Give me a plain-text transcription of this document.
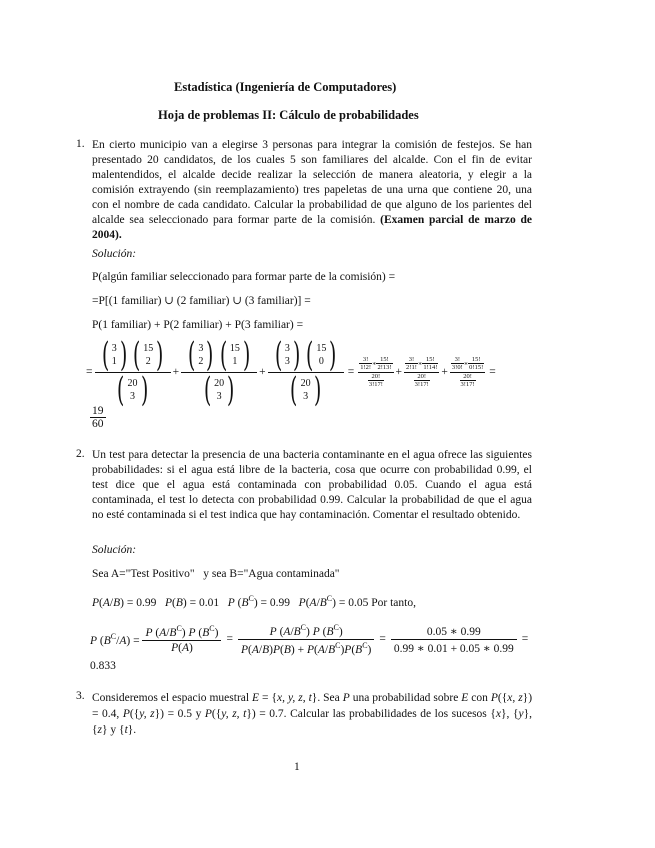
Estadística (Ingeniería de Computadores)
Hoja de problemas II: Cálculo de probabilidades
1. En cierto municipio van a elegirse 3 personas para integrar la comisión de festejos. Se han presentado 20 candidatos, de los cuales 5 son familiares del alcalde. Con el fin de evitar malentendidos, el alcalde decide realizar la selección de manera aleatoria, y elegir a la comisión extrayendo (sin reemplazamiento) tres papeletas de una urna que contiene 20, una con el nombre de cada candidato. Calcular la probabilidad de que alguno de los parientes del alcalde sea seleccionado para formar parte de la comisión. (Examen parcial de marzo de 2004).
Solución:
P(algún familiar seleccionado para formar parte de la comisión) =
=P[(1 familiar) ∪ (2 familiar) ∪ (3 familiar)] =
P(1 familiar) + P(2 familiar) + P(3 familiar) =
= ( 3
1 ) ( 15
2 )
( 20
3 ) + ( 3
2 ) ( 15
1 )
( 20
3 ) + ( 3
3 ) ( 15
0 )
( 20
3 ) = $\frac{\frac{3!}{1!2!} ∗ \frac{15!}{2!13!}}{\frac{20!}{3!17!}} + \frac{\frac{3!}{2!1!} ∗ \frac{15!}{1!14!}}{\frac{20!}{3!17!}} + \frac{\frac{3!}{3!0!} ∗ \frac{15!}{0!15!}}{\frac{20!}{3!17!}}$ =
$\frac{19}{60}$
2. Un test para detectar la presencia de una bacteria contaminante en el agua ofrece las siguientes probabilidades: si el agua está libre de la bacteria, cosa que ocurre con probabilidad 0.99, el test dice que el agua está contaminada con probabilidad 0.05. Cuando el agua está contaminada, el test lo detecta con probabilidad 0.99. Calcular la probabilidad de que el agua no esté contaminada si el test indica que hay contaminación. Comentar el resultado obtenido.
Solución:
Sea A="Test Positivo"   y sea B="Agua contaminada"
P(A/B) = 0.99   P(B) = 0.01   P $(B^C) = 0.99$   $P(A/B^C) = 0.05$ Por tanto,
P $(B^C/A) = \frac{P (A/B^C) P (B^C)}{P(A)} = \frac{P (A/B^C) P (B^C)}{P(A/B)P(B) + P(A/B^C)P(B^C)} = \frac{0.05 ∗ 0.99}{0.99 ∗ 0.01 + 0.05 ∗ 0.99}$ =
0.833
3. Consideremos el espacio muestral E = {x, y, z, t}. Sea P una probabilidad sobre E con P({x, z}) = 0.4, P({y, z}) = 0.5 y P({y, z, t}) = 0.7. Calcular las probabilidades de los sucesos {x}, {y}, {z} y {t}.
1
